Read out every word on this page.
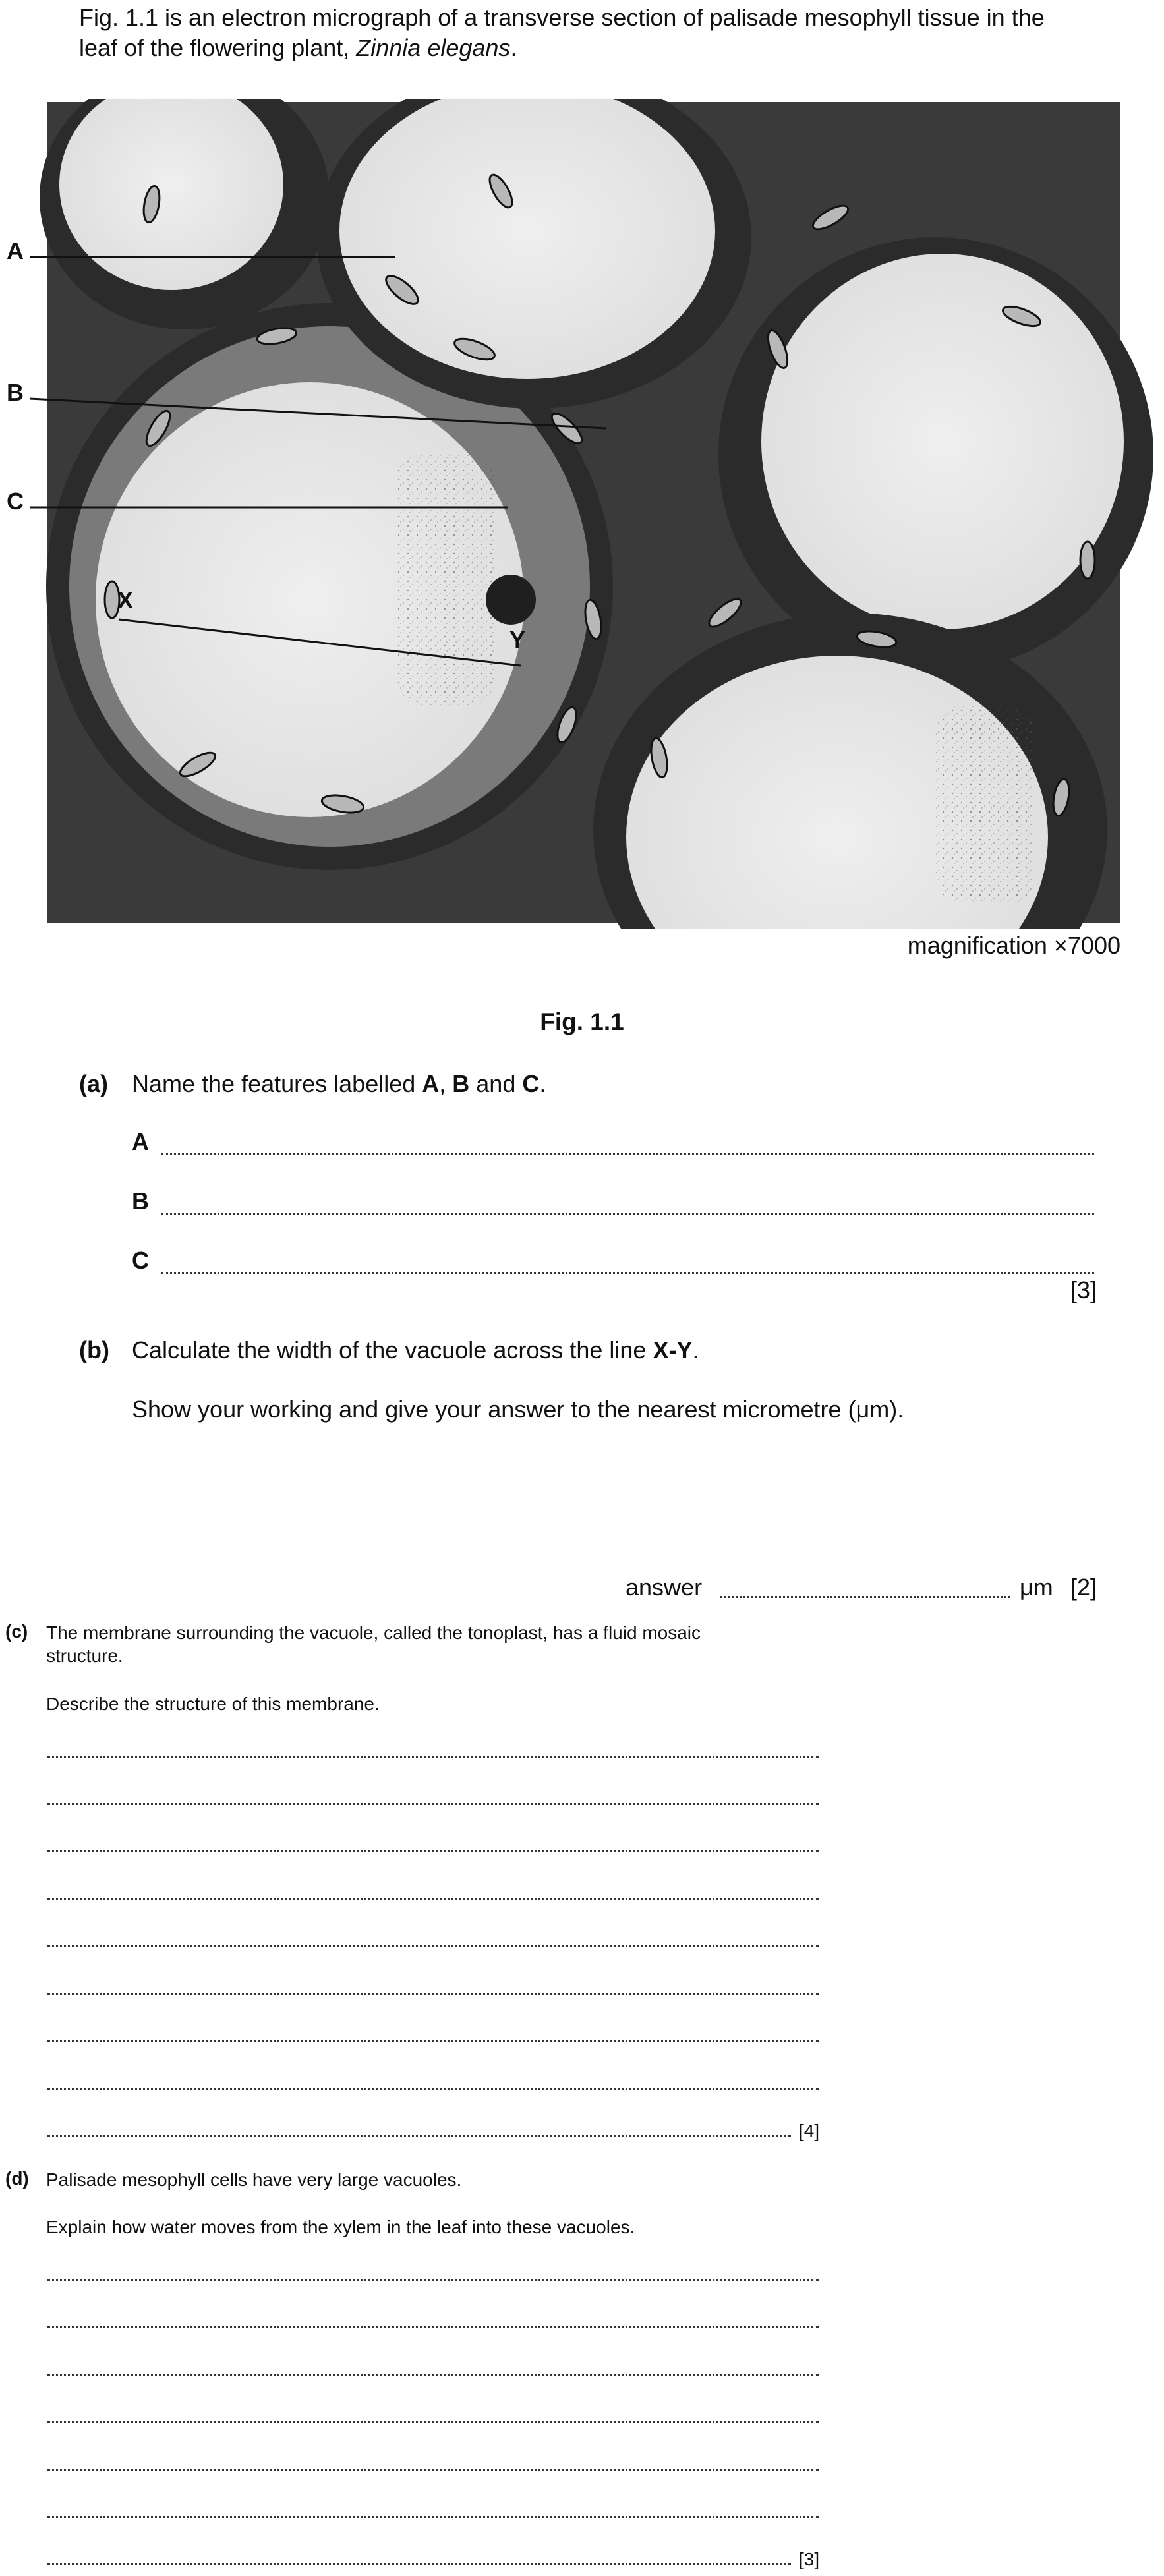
Fig. 1.1 is an electron micrograph of a transverse section of palisade mesophyll tissue in the
leaf of the flowering plant, Zinnia elegans.
A
B
C
X
Y
magnification ×7000
Fig. 1.1
(a) Name the features labelled A, B and C.
A
B
C
[3]
(b) Calculate the width of the vacuole across the line X-Y.
Show your working and give your answer to the nearest micrometre (μm).
answer	μm [2]
(c) The membrane surrounding the vacuole, called the tonoplast, has a fluid mosaic
structure.
Describe the structure of this membrane.
[4]
(d) Palisade mesophyll cells have very large vacuoles.
Explain how water moves from the xylem in the leaf into these vacuoles.
[3]
